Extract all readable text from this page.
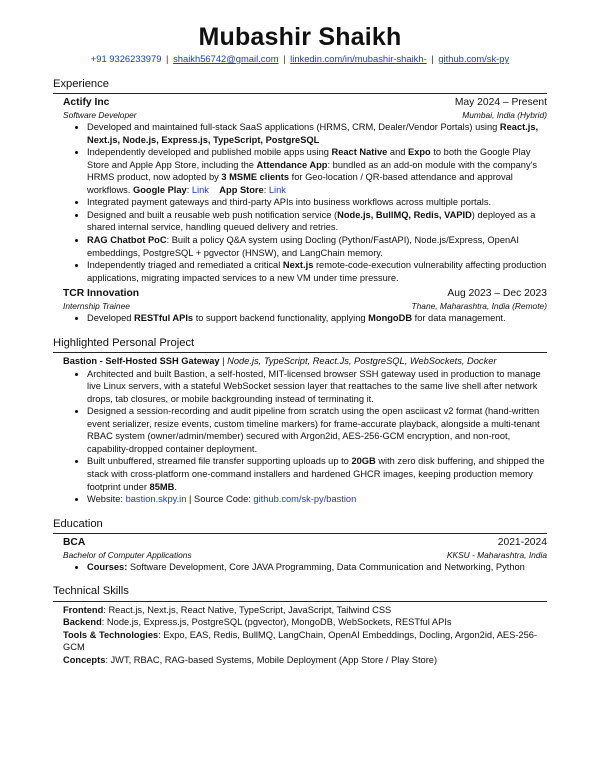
Mubashir Shaikh
+91 9326233979 | shaikh56742@gmail.com | linkedin.com/in/mubashir-shaikh- | github.com/sk-py
Experience
Actify Inc	May 2024 – Present
Software Developer	Mumbai, India (Hybrid)
• Developed and maintained full-stack SaaS applications (HRMS, CRM, Dealer/Vendor Portals) using React.js, Next.js, Node.js, Express.js, TypeScript, PostgreSQL
• Independently developed and published mobile apps using React Native and Expo to both the Google Play Store and Apple App Store, including the Attendance App: bundled as an add-on module with the company's HRMS product, now adopted by 3 MSME clients for Geo-location / QR-based attendance and approval workflows. Google Play: Link App Store: Link
• Integrated payment gateways and third-party APIs into business workflows across multiple portals.
• Designed and built a reusable web push notification service (Node.js, BullMQ, Redis, VAPID) deployed as a shared internal service, handling queued delivery and retries.
• RAG Chatbot PoC: Built a policy Q&A system using Docling (Python/FastAPI), Node.js/Express, OpenAI embeddings, PostgreSQL + pgvector (HNSW), and LangChain memory.
• Independently triaged and remediated a critical Next.js remote-code-execution vulnerability affecting production applications, migrating impacted services to a new VM under time pressure.
TCR Innovation	Aug 2023 – Dec 2023
Internship Trainee	Thane, Maharashtra, India (Remote)
• Developed RESTful APIs to support backend functionality, applying MongoDB for data management.
Highlighted Personal Project
Bastion - Self-Hosted SSH Gateway | Node.js, TypeScript, React.Js, PostgreSQL, WebSockets, Docker
• Architected and built Bastion, a self-hosted, MIT-licensed browser SSH gateway used in production to manage live Linux servers, with a stateful WebSocket session layer that reattaches to the same live shell after network drops, tab closures, or mobile backgrounding instead of terminating it.
• Designed a session-recording and audit pipeline from scratch using the open asciicast v2 format (hand-written event serializer, resize events, custom timeline markers) for frame-accurate playback, alongside a multi-tenant RBAC system (owner/admin/member) secured with Argon2id, AES-256-GCM encryption, and non-root, capability-dropped container deployment.
• Built unbuffered, streamed file transfer supporting uploads up to 20GB with zero disk buffering, and shipped the stack with cross-platform one-command installers and hardened GHCR images, keeping production memory footprint under 85MB.
• Website: bastion.skpy.in | Source Code: github.com/sk-py/bastion
Education
BCA	2021-2024
Bachelor of Computer Applications	KKSU - Maharashtra, India
• Courses: Software Development, Core JAVA Programming, Data Communication and Networking, Python
Technical Skills
Frontend: React.js, Next.js, React Native, TypeScript, JavaScript, Tailwind CSS
Backend: Node.js, Express.js, PostgreSQL (pgvector), MongoDB, WebSockets, RESTful APIs
Tools & Technologies: Expo, EAS, Redis, BullMQ, LangChain, OpenAI Embeddings, Docling, Argon2id, AES-256-GCM
Concepts: JWT, RBAC, RAG-based Systems, Mobile Deployment (App Store / Play Store)
